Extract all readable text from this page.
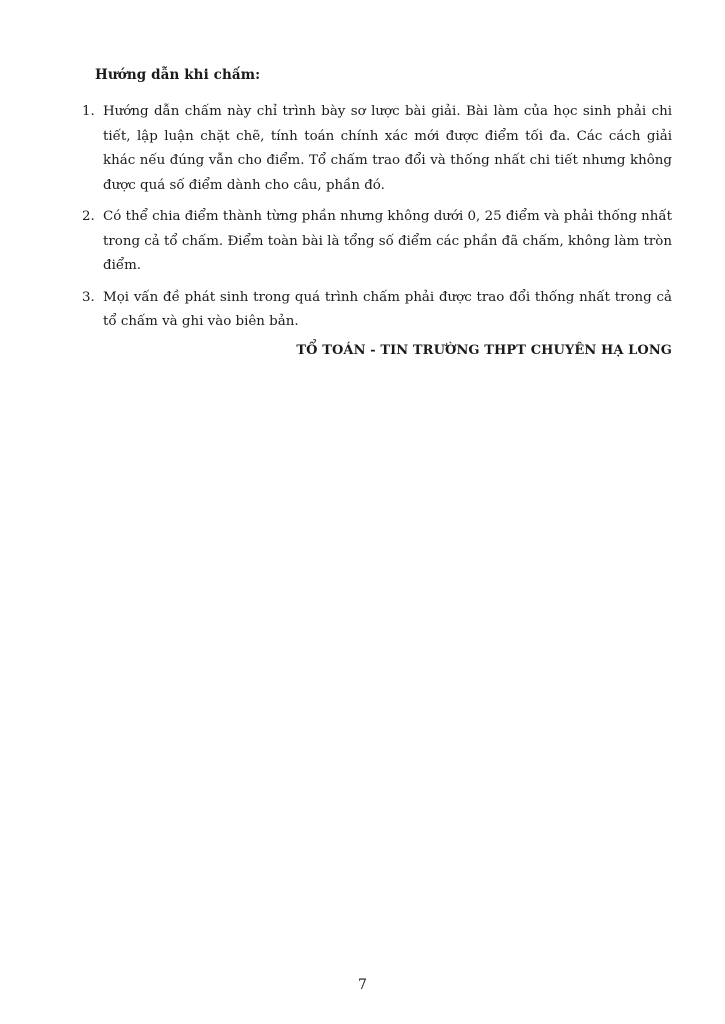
Hướng dẫn khi chấm:
1. Hướng dẫn chấm này chỉ trình bày sơ lược bài giải. Bài làm của học sinh phải chi tiết, lập luận chặt chẽ, tính toán chính xác mới được điểm tối đa. Các cách giải khác nếu đúng vẫn cho điểm. Tổ chấm trao đổi và thống nhất chi tiết nhưng không được quá số điểm dành cho câu, phần đó.
2. Có thể chia điểm thành từng phần nhưng không dưới 0, 25 điểm và phải thống nhất trong cả tổ chấm. Điểm toàn bài là tổng số điểm các phần đã chấm, không làm tròn điểm.
3. Mọi vấn đề phát sinh trong quá trình chấm phải được trao đổi thống nhất trong cả tổ chấm và ghi vào biên bản.
TỔ TOÁN - TIN TRƯỜNG THPT CHUYÊN HẠ LONG
7
